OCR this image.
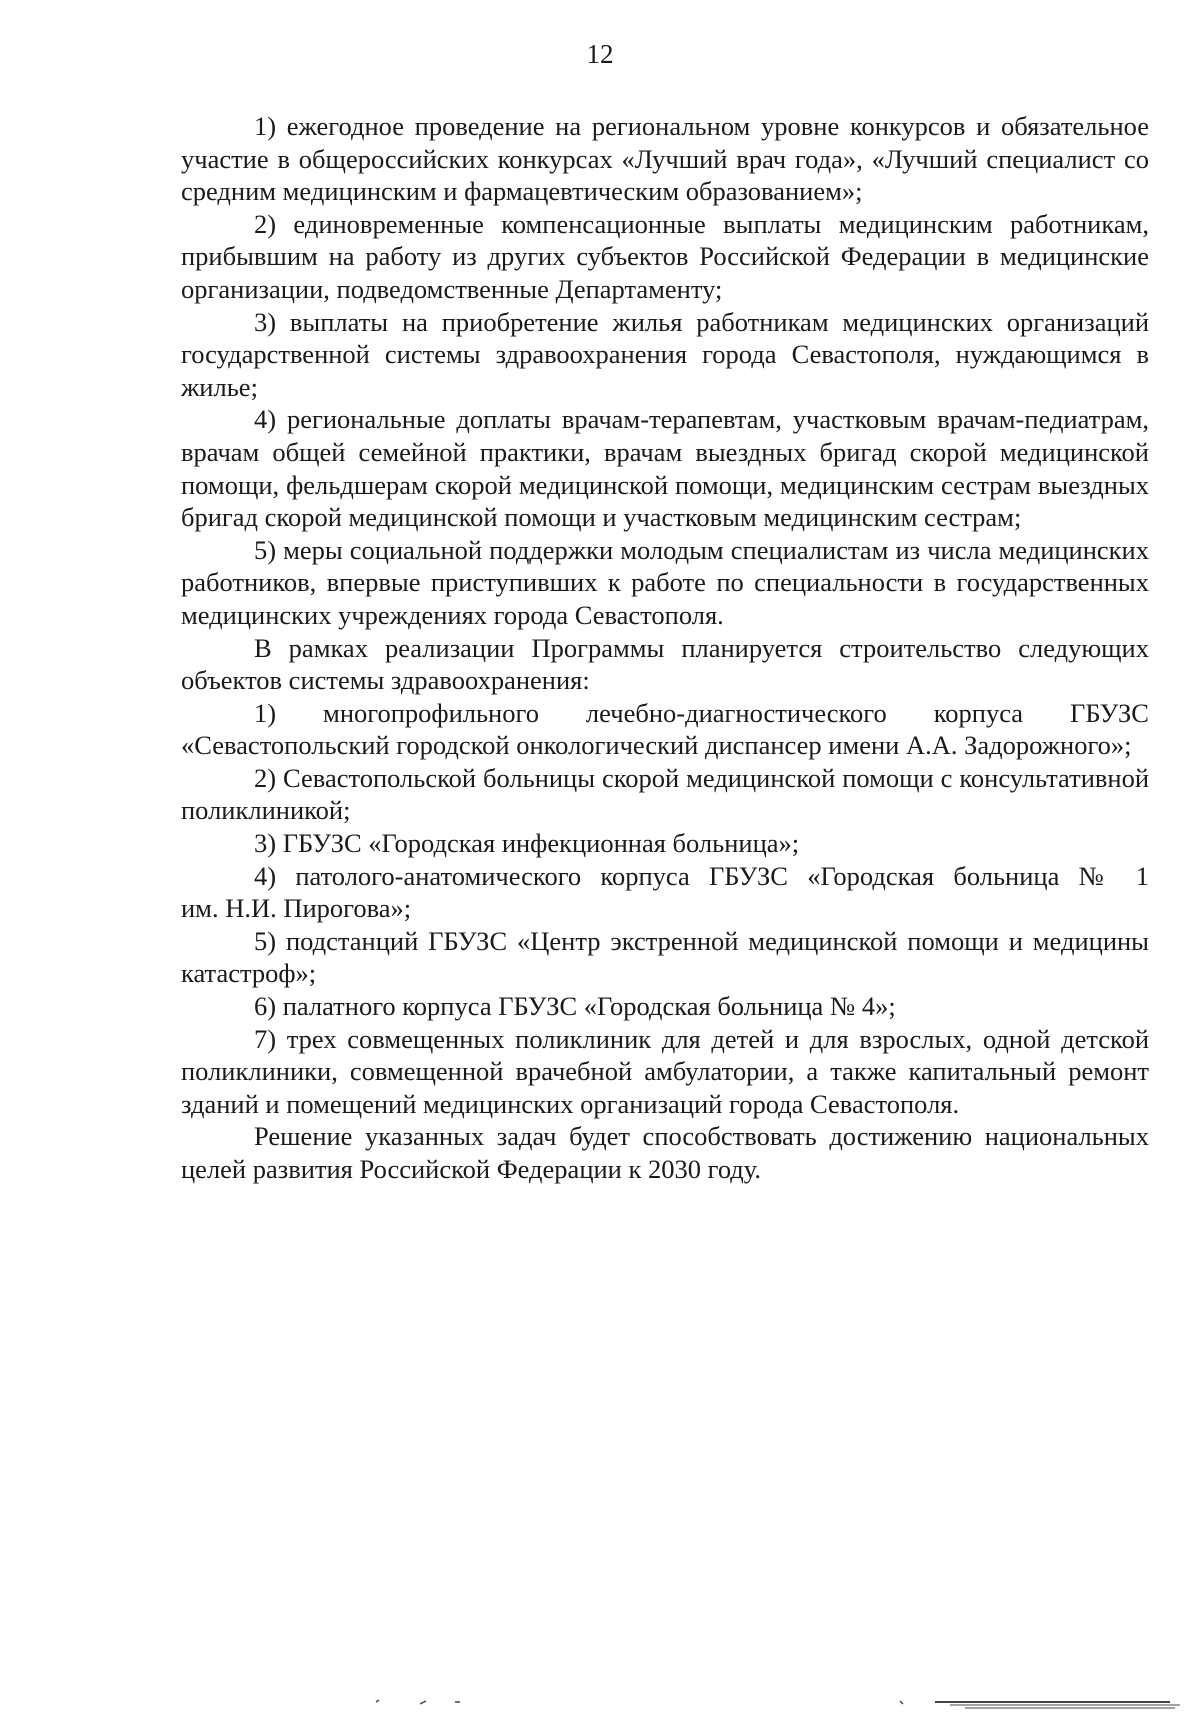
12

1) ежегодное проведение на региональном уровне конкурсов и обязательное участие в общероссийских конкурсах «Лучший врач года», «Лучший специалист со средним медицинским и фармацевтическим образованием»;

2) единовременные компенсационные выплаты медицинским работникам, прибывшим на работу из других субъектов Российской Федерации в медицинские организации, подведомственные Департаменту;

3) выплаты на приобретение жилья работникам медицинских организаций государственной системы здравоохранения города Севастополя, нуждающимся в жилье;

4) региональные доплаты врачам-терапевтам, участковым врачам-педиатрам, врачам общей семейной практики, врачам выездных бригад скорой медицинской помощи, фельдшерам скорой медицинской помощи, медицинским сестрам выездных бригад скорой медицинской помощи и участковым медицинским сестрам;

5) меры социальной поддержки молодым специалистам из числа медицинских работников, впервые приступивших к работе по специальности в государственных медицинских учреждениях города Севастополя.

В рамках реализации Программы планируется строительство следующих объектов системы здравоохранения:

1) многопрофильного лечебно-диагностического корпуса ГБУЗС «Севастопольский городской онкологический диспансер имени А.А. Задорожного»;

2) Севастопольской больницы скорой медицинской помощи с консультативной поликлиникой;

3) ГБУЗС «Городская инфекционная больница»;

4) патолого-анатомического корпуса ГБУЗС «Городская больница № 1 им. Н.И. Пирогова»;

5) подстанций ГБУЗС «Центр экстренной медицинской помощи и медицины катастроф»;

6) палатного корпуса ГБУЗС «Городская больница № 4»;

7) трех совмещенных поликлиник для детей и для взрослых, одной детской поликлиники, совмещенной врачебной амбулатории, а также капитальный ремонт зданий и помещений медицинских организаций города Севастополя.

Решение указанных задач будет способствовать достижению национальных целей развития Российской Федерации к 2030 году.
